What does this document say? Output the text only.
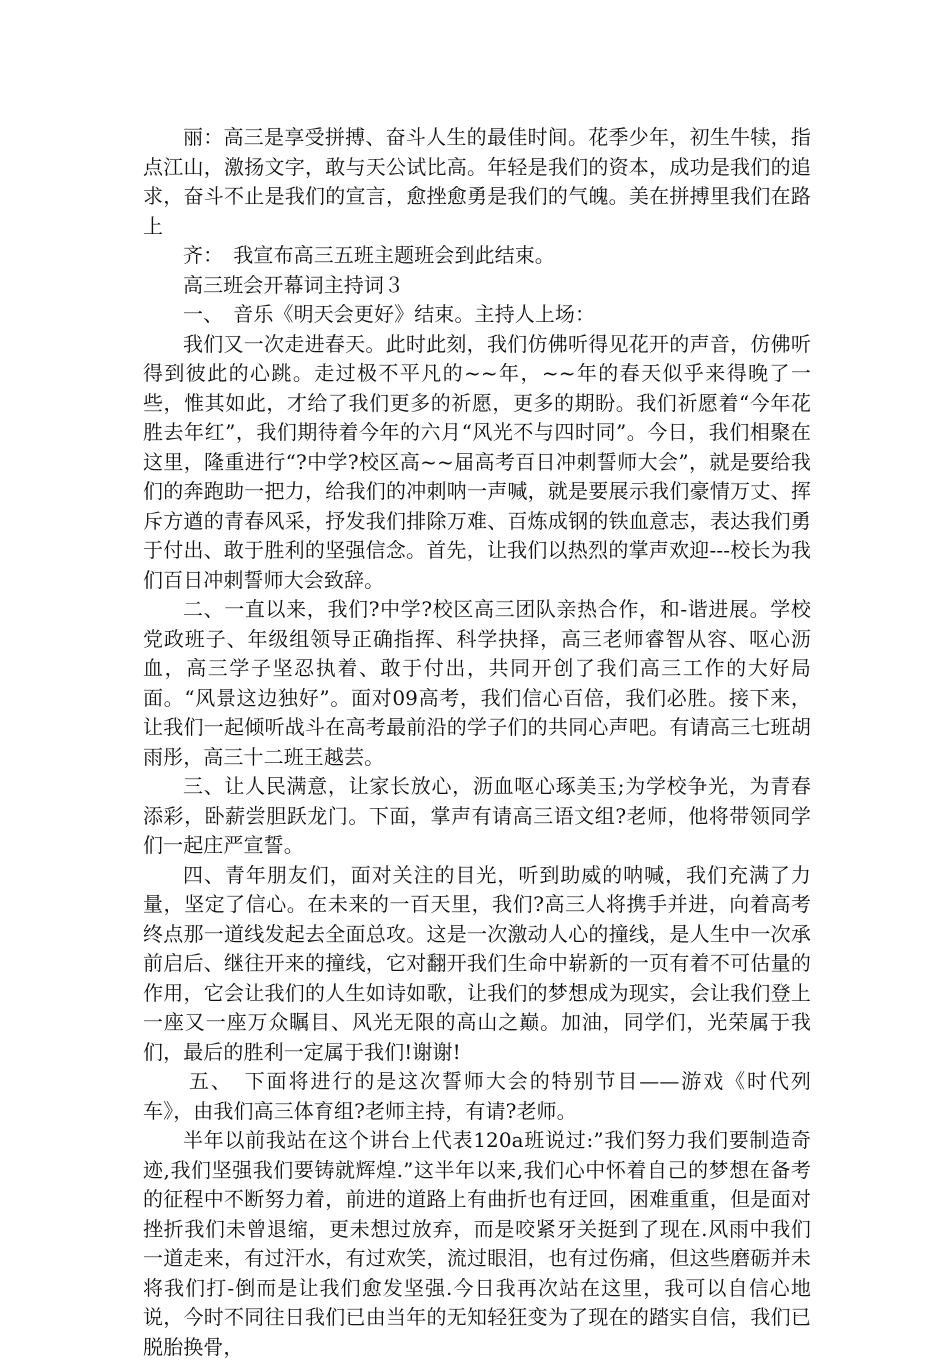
丽：高三是享受拼搏、奋斗人生的最佳时间。花季少年，初生牛犊，指点江山，激扬文字，敢与天公试比高。年轻是我们的资本，成功是我们的追求，奋斗不止是我们的宣言，愈挫愈勇是我们的气魄。美在拼搏里我们在路上

齐：　我宣布高三五班主题班会到此结束。

高三班会开幕词主持词３

一、　音乐《明天会更好》结束。主持人上场：

我们又一次走进春天。此时此刻，我们仿佛听得见花开的声音，仿佛听得到彼此的心跳。走过极不平凡的~~年，~~年的春天似乎来得晚了一些，惟其如此，才给了我们更多的祈愿，更多的期盼。我们祈愿着“今年花胜去年红”，我们期待着今年的六月“风光不与四时同”。今日，我们相聚在这里，隆重进行“?中学?校区高~~届高考百日冲刺誓师大会”，就是要给我们的奔跑助一把力，给我们的冲刺呐一声喊，就是要展示我们豪情万丈、挥斥方遒的青春风采，抒发我们排除万难、百炼成钢的铁血意志，表达我们勇于付出、敢于胜利的坚强信念。首先，让我们以热烈的掌声欢迎---校长为我们百日冲刺誓师大会致辞。

二、一直以来，我们?中学?校区高三团队亲热合作，和-谐进展。学校党政班子、年级组领导正确指挥、科学抉择，高三老师睿智从容、呕心沥血，高三学子坚忍执着、敢于付出，共同开创了我们高三工作的大好局面。“风景这边独好”。面对09高考，我们信心百倍，我们必胜。接下来，让我们一起倾听战斗在高考最前沿的学子们的共同心声吧。有请高三七班胡雨彤，高三十二班王越芸。

三、让人民满意，让家长放心，沥血呕心琢美玉;为学校争光，为青春添彩，卧薪尝胆跃龙门。下面，掌声有请高三语文组?老师，他将带领同学们一起庄严宣誓。

四、青年朋友们，面对关注的目光，听到助威的呐喊，我们充满了力量，坚定了信心。在未来的一百天里，我们?高三人将携手并进，向着高考终点那一道线发起去全面总攻。这是一次激动人心的撞线，是人生中一次承前启后、继往开来的撞线，它对翻开我们生命中崭新的一页有着不可估量的作用，它会让我们的人生如诗如歌，让我们的梦想成为现实，会让我们登上一座又一座万众瞩目、风光无限的高山之巅。加油，同学们，光荣属于我们，最后的胜利一定属于我们!谢谢!

五、　下面将进行的是这次誓师大会的特别节目——游戏《时代列车》，由我们高三体育组?老师主持，有请?老师。

半年以前我站在这个讲台上代表120a班说过:”我们努力我们要制造奇迹,我们坚强我们要铸就辉煌.”这半年以来,我们心中怀着自己的梦想在备考的征程中不断努力着，前进的道路上有曲折也有迂回，困难重重，但是面对挫折我们未曾退缩，更未想过放弃，而是咬紧牙关挺到了现在.风雨中我们一道走来，有过汗水，有过欢笑，流过眼泪，也有过伤痛，但这些磨砺并未将我们打-倒而是让我们愈发坚强.今日我再次站在这里，我可以自信心地说，今时不同往日我们已由当年的无知轻狂变为了现在的踏实自信，我们已脱胎换骨，
